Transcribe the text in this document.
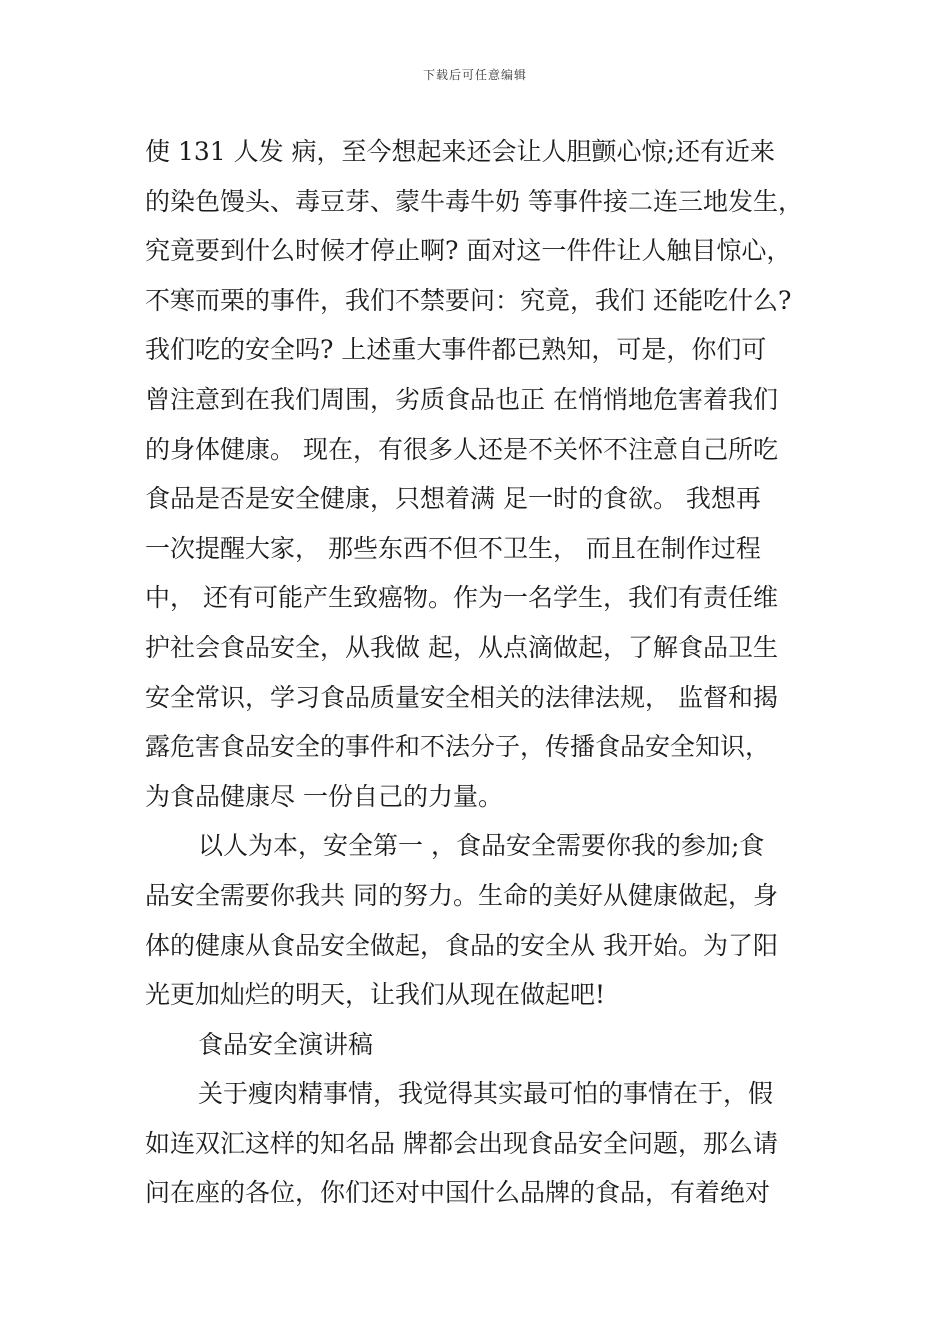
下载后可任意编辑
使 131 人发 病，至今想起来还会让人胆颤心惊;还有近来
的染色馒头、毒豆芽、蒙牛毒牛奶 等事件接二连三地发生，
究竟要到什么时候才停止啊? 面对这一件件让人触目惊心，
不寒而栗的事件，我们不禁要问：究竟，我们 还能吃什么?
我们吃的安全吗? 上述重大事件都已熟知，可是，你们可
曾注意到在我们周围，劣质食品也正 在悄悄地危害着我们
的身体健康。 现在，有很多人还是不关怀不注意自己所吃
食品是否是安全健康，只想着满 足一时的食欲。 我想再
一次提醒大家， 那些东西不但不卫生， 而且在制作过程
中， 还有可能产生致癌物。作为一名学生，我们有责任维
护社会食品安全，从我做 起，从点滴做起，了解食品卫生
安全常识，学习食品质量安全相关的法律法规， 监督和揭
露危害食品安全的事件和不法分子，传播食品安全知识，
为食品健康尽 一份自己的力量。
以人为本，安全第一 ，食品安全需要你我的参加;食
品安全需要你我共 同的努力。生命的美好从健康做起，身
体的健康从食品安全做起，食品的安全从 我开始。为了阳
光更加灿烂的明天，让我们从现在做起吧!
食品安全演讲稿
关于瘦肉精事情，我觉得其实最可怕的事情在于，假
如连双汇这样的知名品 牌都会出现食品安全问题，那么请
问在座的各位，你们还对中国什么品牌的食品，有着绝对
